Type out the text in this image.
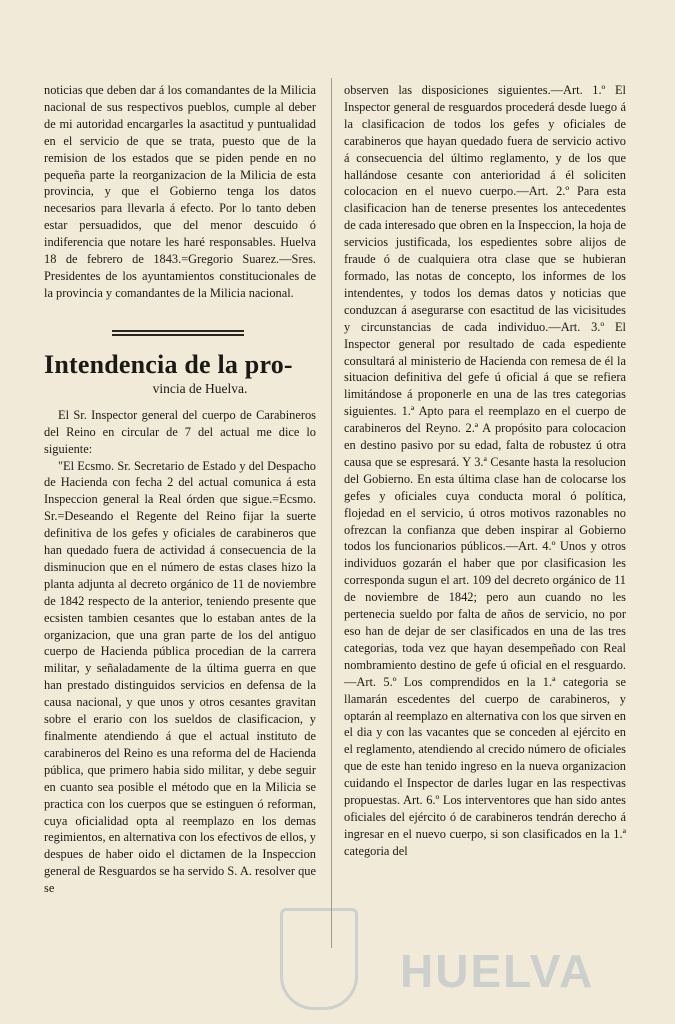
noticias que deben dar á los comandantes de la Milicia nacional de sus respectivos pueblos, cumple al deber de mi autoridad encargarles la asactitud y puntualidad en el servicio de que se trata, puesto que de la remision de los estados que se piden pende en no pequeña parte la reorganizacion de la Milicia de esta provincia, y que el Gobierno tenga los datos necesarios para llevarla á efecto. Por lo tanto deben estar persuadidos, que del menor descuido ó indiferencia que notare les haré responsables. Huelva 18 de febrero de 1843.=Gregorio Suarez.—Sres. Presidentes de los ayuntamientos constitucionales de la provincia y comandantes de la Milicia nacional.

Intendencia de la pro-
vincia de Huelva.

El Sr. Inspector general del cuerpo de Carabineros del Reino en circular de 7 del actual me dice lo siguiente:

"El Ecsmo. Sr. Secretario de Estado y del Despacho de Hacienda con fecha 2 del actual comunica á esta Inspeccion general la Real órden que sigue.=Ecsmo. Sr.=Deseando el Regente del Reino fijar la suerte definitiva de los gefes y oficiales de carabineros que han quedado fuera de actividad á consecuencia de la disminucion que en el número de estas clases hizo la planta adjunta al decreto orgánico de 11 de noviembre de 1842 respecto de la anterior, teniendo presente que ecsisten tambien cesantes que lo estaban antes de la organizacion, que una gran parte de los del antiguo cuerpo de Hacienda pública procedian de la carrera militar, y señaladamente de la última guerra en que han prestado distinguidos servicios en defensa de la causa nacional, y que unos y otros cesantes gravitan sobre el erario con los sueldos de clasificacion, y finalmente atendiendo á que el actual instituto de carabineros del Reino es una reforma del de Hacienda pública, que primero habia sido militar, y debe seguir en cuanto sea posible el método que en la Milicia se practica con los cuerpos que se estinguen ó reforman, cuya oficialidad opta al reemplazo en los demas regimientos, en alternativa con los efectivos de ellos, y despues de haber oido el dictamen de la Inspeccion general de Resguardos se ha servido S. A. resolver que se

observen las disposiciones siguientes.—Art. 1.º El Inspector general de resguardos procederá desde luego á la clasificacion de todos los gefes y oficiales de carabineros que hayan quedado fuera de servicio activo á consecuencia del último reglamento, y de los que hallándose cesante con anterioridad á él soliciten colocacion en el nuevo cuerpo.—Art. 2.º Para esta clasificacion han de tenerse presentes los antecedentes de cada interesado que obren en la Inspeccion, la hoja de servicios justificada, los espedientes sobre alijos de fraude ó de cualquiera otra clase que se hubieran formado, las notas de concepto, los informes de los intendentes, y todos los demas datos y noticias que conduzcan á asegurarse con esactitud de las vicisitudes y circunstancias de cada individuo.—Art. 3.º El Inspector general por resultado de cada espediente consultará al ministerio de Hacienda con remesa de él la situacion definitiva del gefe ú oficial á que se refiera limitándose á proponerle en una de las tres categorias siguientes. 1.ª Apto para el reemplazo en el cuerpo de carabineros del Reyno. 2.ª A propósito para colocacion en destino pasivo por su edad, falta de robustez ú otra causa que se espresará. Y 3.ª Cesante hasta la resolucion del Gobierno. En esta última clase han de colocarse los gefes y oficiales cuya conducta moral ó política, flojedad en el servicio, ú otros motivos razonables no ofrezcan la confianza que deben inspirar al Gobierno todos los funcionarios públicos.—Art. 4.º Unos y otros individuos gozarán el haber que por clasificasion les corresponda sugun el art. 109 del decreto orgánico de 11 de noviembre de 1842; pero aun cuando no les pertenecia sueldo por falta de años de servicio, no por eso han de dejar de ser clasificados en una de las tres categorias, toda vez que hayan desempeñado con Real nombramiento destino de gefe ú oficial en el resguardo.—Art. 5.º Los comprendidos en la 1.ª categoria se llamarán escedentes del cuerpo de carabineros, y optarán al reemplazo en alternativa con los que sirven en el dia y con las vacantes que se conceden al ejército en el reglamento, atendiendo al crecido número de oficiales que de este han tenido ingreso en la nueva organizacion cuidando el Inspector de darles lugar en las respectivas propuestas. Art. 6.º Los interventores que han sido antes oficiales del ejército ó de carabineros tendrán derecho á ingresar en el nuevo cuerpo, si son clasificados en la 1.ª categoria del

HUELVA
